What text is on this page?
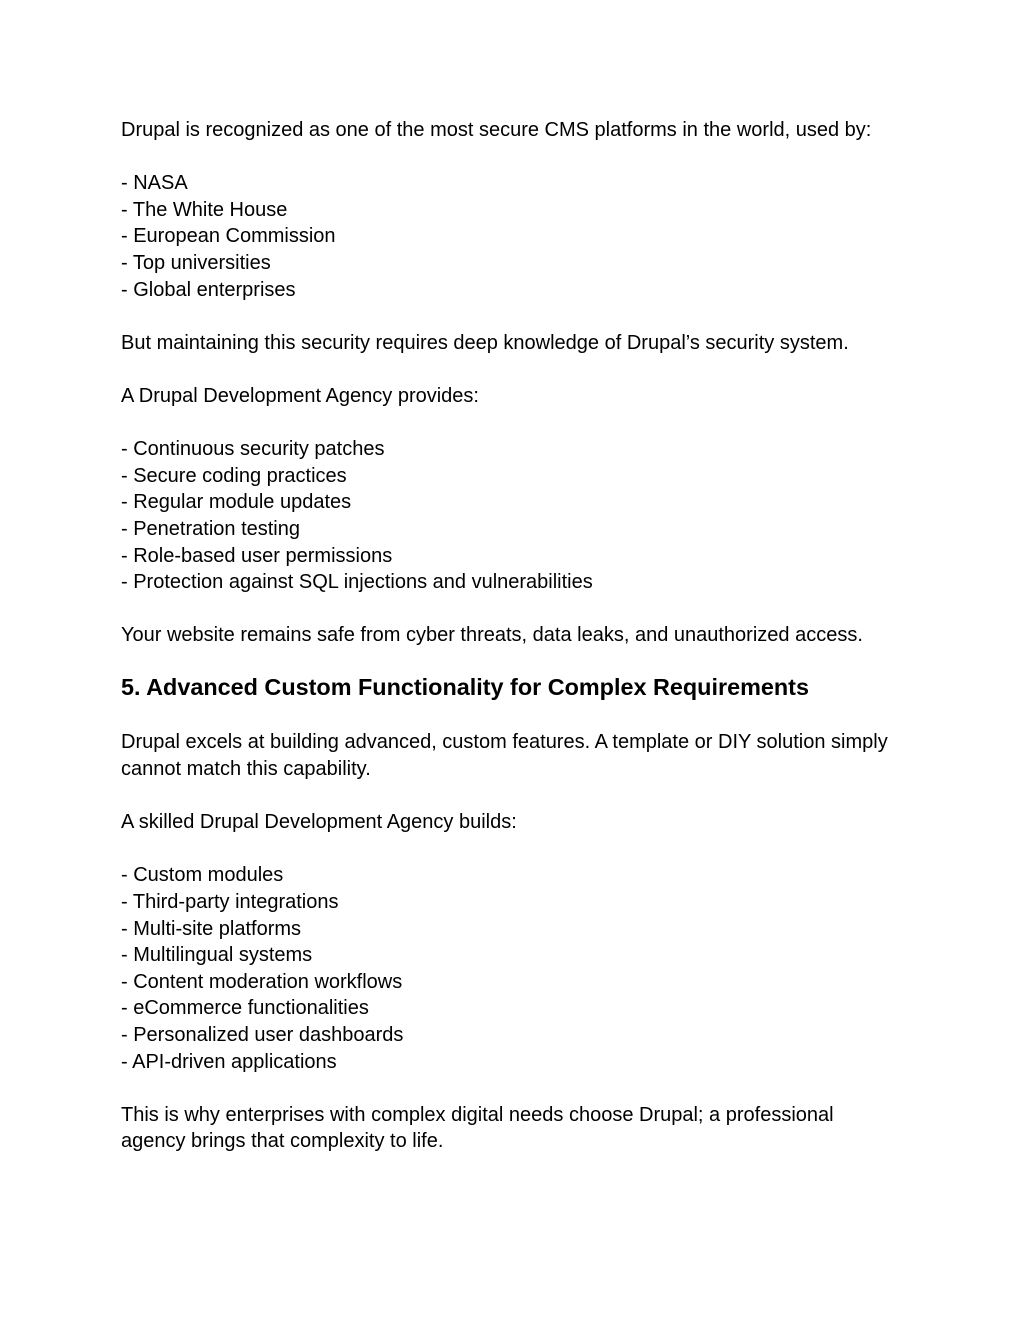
Drupal is recognized as one of the most secure CMS platforms in the world, used by:
- NASA
- The White House
- European Commission
- Top universities
- Global enterprises
But maintaining this security requires deep knowledge of Drupal’s security system.
A Drupal Development Agency provides:
- Continuous security patches
- Secure coding practices
- Regular module updates
- Penetration testing
- Role-based user permissions
- Protection against SQL injections and vulnerabilities
Your website remains safe from cyber threats, data leaks, and unauthorized access.
5. Advanced Custom Functionality for Complex Requirements
Drupal excels at building advanced, custom features. A template or DIY solution simply cannot match this capability.
A skilled Drupal Development Agency builds:
- Custom modules
- Third-party integrations
- Multi-site platforms
- Multilingual systems
- Content moderation workflows
- eCommerce functionalities
- Personalized user dashboards
- API-driven applications
This is why enterprises with complex digital needs choose Drupal; a professional agency brings that complexity to life.
